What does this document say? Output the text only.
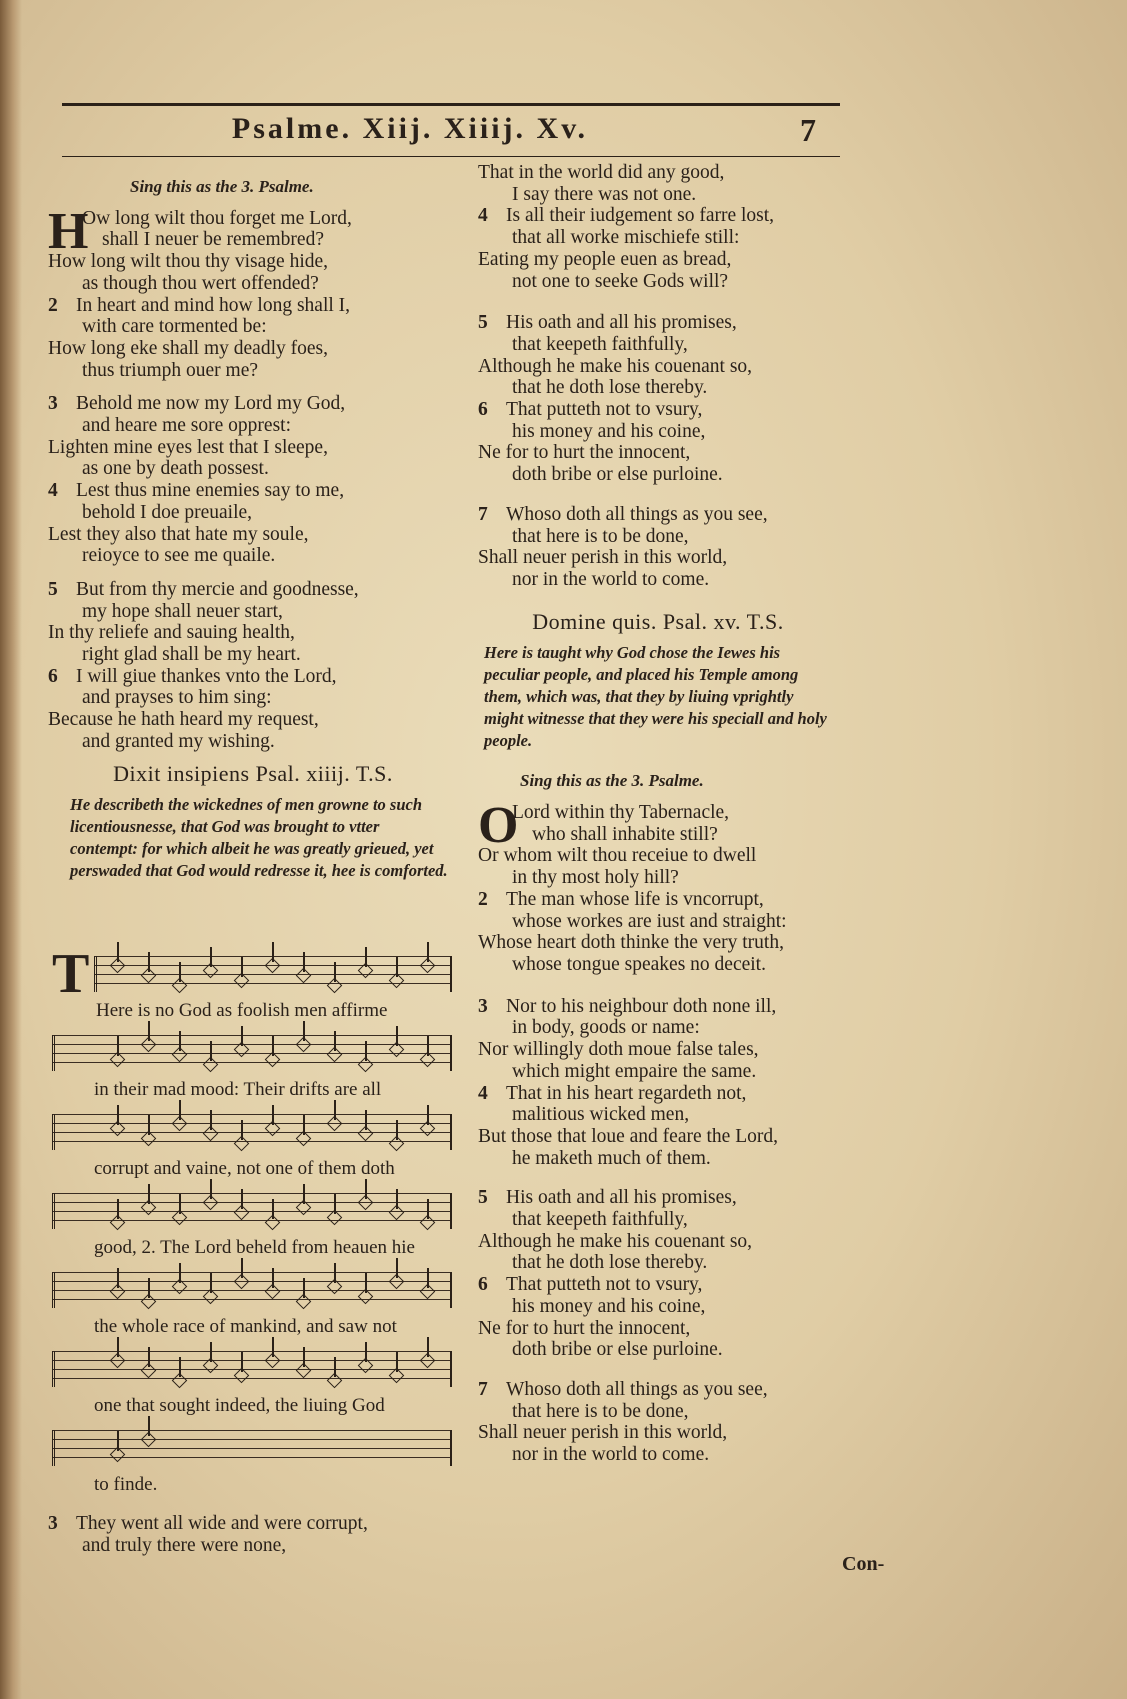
Psalme. Xiij. Xiiij. Xv.	7
Sing this as the 3. Psalme.
H
Ow long wilt thou forget me Lord,
shall I neuer be remembred?
How long wilt thou thy visage hide,
as though thou wert offended?
2 In heart and mind how long shall I,
with care tormented be:
How long eke shall my deadly foes,
thus triumph ouer me?
3 Behold me now my Lord my God,
and heare me sore opprest:
Lighten mine eyes lest that I sleepe,
as one by death possest.
4 Lest thus mine enemies say to me,
behold I doe preuaile,
Lest they also that hate my soule,
reioyce to see me quaile.
5 But from thy mercie and goodnesse,
my hope shall neuer start,
In thy reliefe and sauing health,
right glad shall be my heart.
6 I will giue thankes vnto the Lord,
and prayses to him sing:
Because he hath heard my request,
and granted my wishing.
Dixit insipiens Psal. xiiij. T.S.
He describeth the wickednes of men growne to such licentiousnesse, that God was brought to vtter contempt: for which albeit he was greatly grieued, yet perswaded that God would redresse it, hee is comforted.
T
Here is no God as foolish men affirme
in their mad mood: Their drifts are all
corrupt and vaine, not one of them doth
good, 2. The Lord beheld from heauen hie
the whole race of mankind, and saw not
one that sought indeed, the liuing God
to finde.
3 They went all wide and were corrupt,
and truly there were none,
That in the world did any good,
I say there was not one.
4 Is all their iudgement so farre lost,
that all worke mischiefe still:
Eating my people euen as bread,
not one to seeke Gods will?
5 His oath and all his promises,
that keepeth faithfully,
Although he make his couenant so,
that he doth lose thereby.
6 That putteth not to vsury,
his money and his coine,
Ne for to hurt the innocent,
doth bribe or else purloine.
7 Whoso doth all things as you see,
that here is to be done,
Shall neuer perish in this world,
nor in the world to come.
Domine quis. Psal. xv. T.S.
Here is taught why God chose the Iewes his peculiar people, and placed his Temple among them, which was, that they by liuing vprightly might witnesse that they were his speciall and holy people.
Sing this as the 3. Psalme.
O
Lord within thy Tabernacle,
who shall inhabite still?
Or whom wilt thou receiue to dwell
in thy most holy hill?
2 The man whose life is vncorrupt,
whose workes are iust and straight:
Whose heart doth thinke the very truth,
whose tongue speakes no deceit.
3 Nor to his neighbour doth none ill,
in body, goods or name:
Nor willingly doth moue false tales,
which might empaire the same.
4 That in his heart regardeth not,
malitious wicked men,
But those that loue and feare the Lord,
he maketh much of them.
5 His oath and all his promises,
that keepeth faithfully,
Although he make his couenant so,
that he doth lose thereby.
6 That putteth not to vsury,
his money and his coine,
Ne for to hurt the innocent,
doth bribe or else purloine.
7 Whoso doth all things as you see,
that here is to be done,
Shall neuer perish in this world,
nor in the world to come.
Con-
